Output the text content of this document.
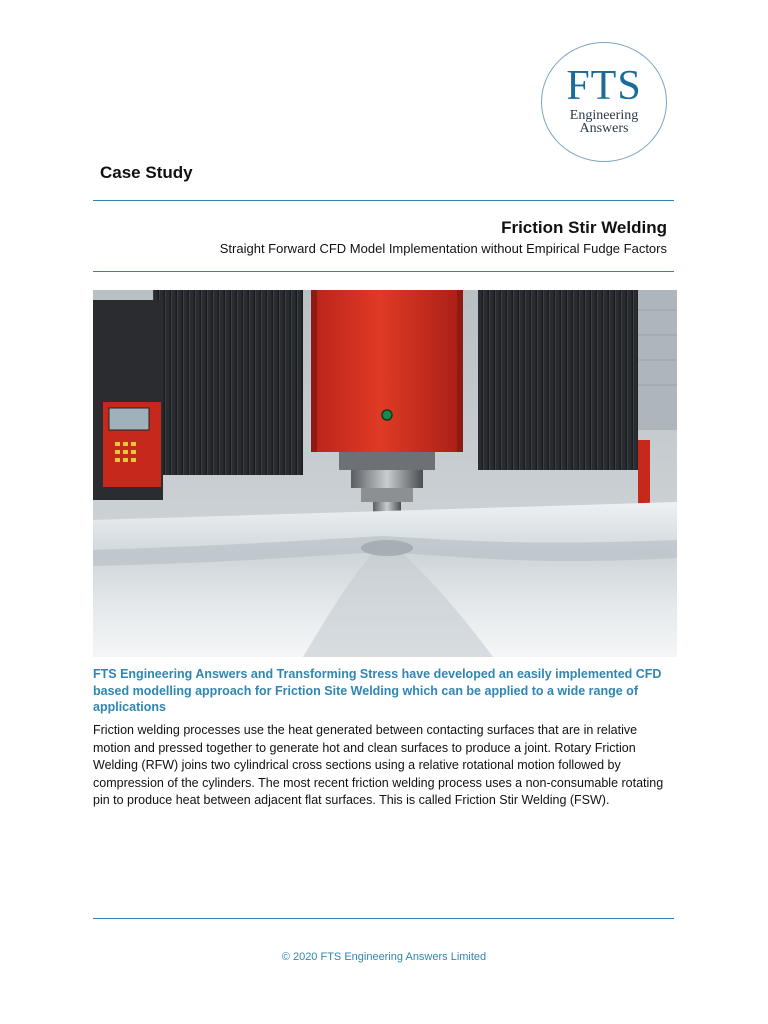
FTS
Engineering
Answers
Case Study
Friction Stir Welding
Straight Forward CFD Model Implementation without Empirical Fudge Factors
FTS Engineering Answers and Transforming Stress have developed an easily implemented CFD based modelling approach for Friction Site Welding which can be applied to a wide range of applications
Friction welding processes use the heat generated between contacting surfaces that are in relative motion and pressed together to generate hot and clean surfaces to produce a joint. Rotary Friction Welding (RFW) joins two cylindrical cross sections using a relative rotational motion followed by compression of the cylinders. The most recent friction welding process uses a non-consumable rotating pin to produce heat between adjacent flat surfaces. This is called Friction Stir Welding (FSW).
© 2020 FTS Engineering Answers Limited
